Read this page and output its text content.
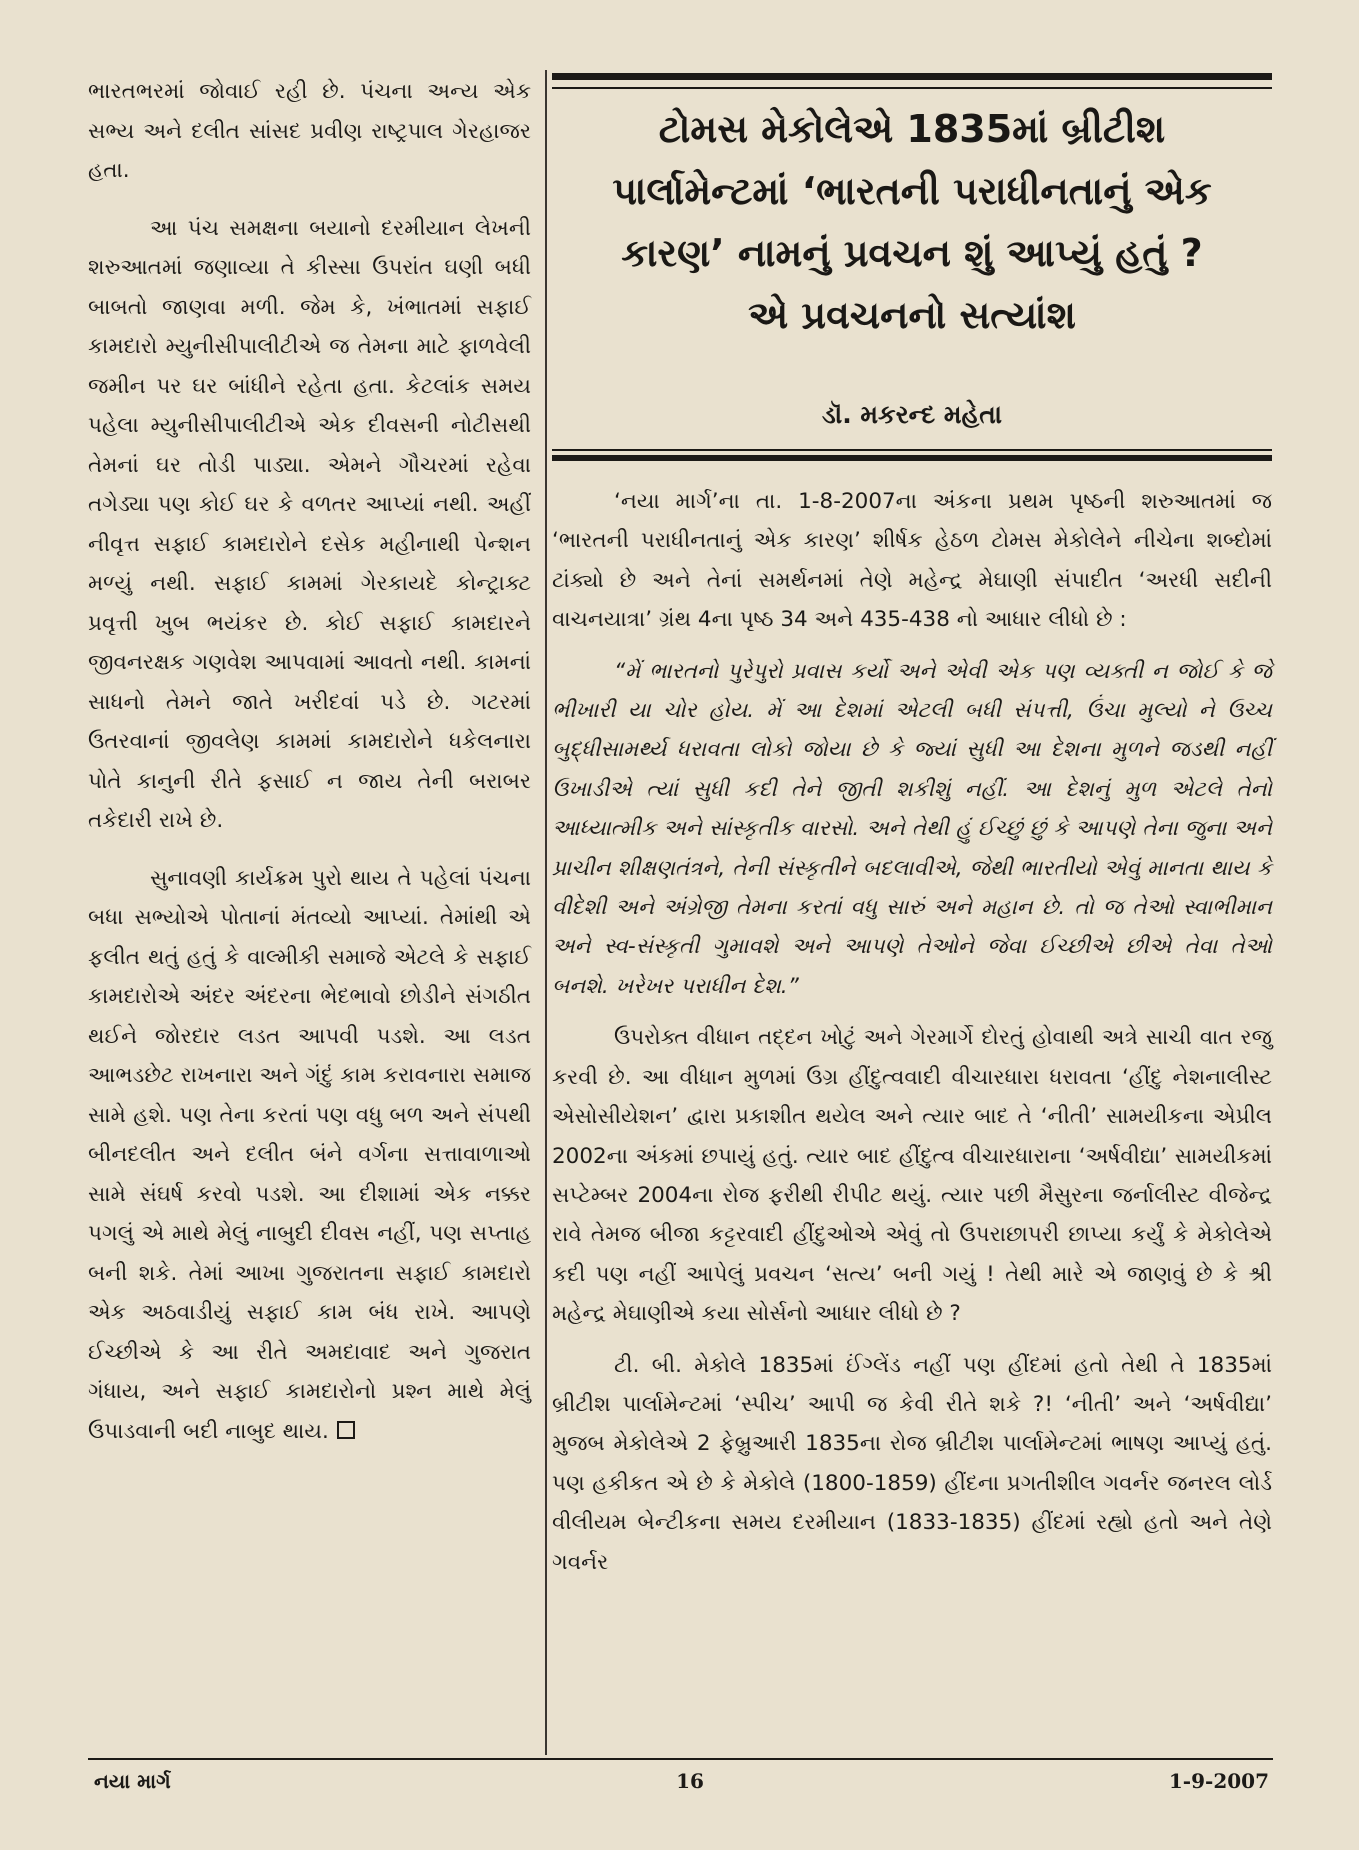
ભારતભરમાં જોવાઈ રહી છે. પંચના અન્ય એક સભ્ય અને દલીત સાંસદ પ્રવીણ રાષ્ટ્રપાલ ગેરહાજર હતા.

આ પંચ સમક્ષના બયાનો દરમીયાન લેખની શરુઆતમાં જણાવ્યા તે કીસ્સા ઉપરાંત ઘણી બધી બાબતો જાણવા મળી. જેમ કે, ખંભાતમાં સફાઈ કામદારો મ્યુનીસીપાલીટીએ જ તેમના માટે ફાળવેલી જમીન પર ઘર બાંધીને રહેતા હતા. કેટલાંક સમય પહેલા મ્યુનીસીપાલીટીએ એક દીવસની નોટીસથી તેમનાં ઘર તોડી પાડ્યા. એમને ગૌચરમાં રહેવા તગેડ્યા પણ કોઈ ઘર કે વળતર આપ્યાં નથી. અહીં નીવૃત્ત સફાઈ કામદારોને દસેક મહીનાથી પેન્શન મળ્યું નથી. સફાઈ કામમાં ગેરકાયદે કોન્ટ્રાક્ટ પ્રવૃત્તી ખુબ ભયંકર છે. કોઈ સફાઈ કામદારને જીવનરક્ષક ગણવેશ આપવામાં આવતો નથી. કામનાં સાધનો તેમને જાતે ખરીદવાં પડે છે. ગટરમાં ઉતરવાનાં જીવલેણ કામમાં કામદારોને ધકેલનારા પોતે કાનુની રીતે ફસાઈ ન જાય તેની બરાબર તકેદારી રાખે છે.

સુનાવણી કાર્યક્રમ પુરો થાય તે પહેલાં પંચના બધા સભ્યોએ પોતાનાં મંતવ્યો આપ્યાં. તેમાંથી એ ફલીત થતું હતું કે વાલ્મીકી સમાજે એટલે કે સફાઈ કામદારોએ અંદર અંદરના ભેદભાવો છોડીને સંગઠીત થઈને જોરદાર લડત આપવી પડશે. આ લડત આભડછેટ રાખનારા અને ગંદું કામ કરાવનારા સમાજ સામે હશે. પણ તેના કરતાં પણ વધુ બળ અને સંપથી બીનદલીત અને દલીત બંને વર્ગના સત્તાવાળાઓ સામે સંઘર્ષ કરવો પડશે. આ દીશામાં એક નક્કર પગલું એ માથે મેલું નાબુદી દીવસ નહીં, પણ સપ્તાહ બની શકે. તેમાં આખા ગુજરાતના સફાઈ કામદારો એક અઠવાડીયું સફાઈ કામ બંધ રાખે. આપણે ઈચ્છીએ કે આ રીતે અમદાવાદ અને ગુજરાત ગંધાય, અને સફાઈ કામદારોનો પ્રશ્ન માથે મેલું ઉપાડવાની બદી નાબુદ થાય.

ટોમસ મેકોલેએ 1835માં બ્રીટીશ
પાર્લામેન્ટમાં ‘ભારતની પરાધીનતાનું એક
કારણ’ નામનું પ્રવચન શું આપ્યું હતું ?
એ પ્રવચનનો સત્યાંશ
ડૉ. મકરન્દ મહેતા

‘નયા માર્ગ’ના તા. 1-8-2007ના અંકના પ્રથમ પૃષ્ઠની શરુઆતમાં જ ‘ભારતની પરાધીનતાનું એક કારણ’ શીર્ષક હેઠળ ટોમસ મેકોલેને નીચેના શબ્દોમાં ટાંક્યો છે અને તેનાં સમર્થનમાં તેણે મહેન્દ્ર મેઘાણી સંપાદીત ‘અરધી સદીની વાચનયાત્રા’ ગ્રંથ 4ના પૃષ્ઠ 34 અને 435-438 નો આધાર લીધો છે :

“મેં ભારતનો પુરેપુરો પ્રવાસ કર્યો અને એવી એક પણ વ્યક્તી ન જોઈ કે જે ભીખારી યા ચોર હોય. મેં આ દેશમાં એટલી બધી સંપત્તી, ઉંચા મુલ્યો ને ઉચ્ચ બુદ્ધીસામર્થ્ય ધરાવતા લોકો જોયા છે કે જ્યાં સુધી આ દેશના મુળને જડથી નહીં ઉખાડીએ ત્યાં સુધી કદી તેને જીતી શકીશું નહીં. આ દેશનું મુળ એટલે તેનો આધ્યાત્મીક અને સાંસ્કૃતીક વારસો. અને તેથી હું ઈચ્છું છું કે આપણે તેના જુના અને પ્રાચીન શીક્ષણતંત્રને, તેની સંસ્કૃતીને બદલાવીએ, જેથી ભારતીયો એવું માનતા થાય કે વીદેશી અને અંગ્રેજી તેમના કરતાં વધુ સારું અને મહાન છે. તો જ તેઓ સ્વાભીમાન અને સ્વ-સંસ્કૃતી ગુમાવશે અને આપણે તેઓને જેવા ઈચ્છીએ છીએ તેવા તેઓ બનશે. ખરેખર પરાધીન દેશ.”

ઉપરોક્ત વીધાન તદ્દન ખોટું અને ગેરમાર્ગે દોરતું હોવાથી અત્રે સાચી વાત રજુ કરવી છે. આ વીધાન મુળમાં ઉગ્ર હીંદુત્વવાદી વીચારધારા ધરાવતા ‘હીંદુ નેશનાલીસ્ટ એસોસીયેશન’ દ્વારા પ્રકાશીત થયેલ અને ત્યાર બાદ તે ‘નીતી’ સામયીકના એપ્રીલ 2002ના અંકમાં છપાયું હતું. ત્યાર બાદ હીંદુત્વ વીચારધારાના ‘અર્ષવીદ્યા’ સામયીકમાં સપ્ટેમ્બર 2004ના રોજ ફરીથી રીપીટ થયું. ત્યાર પછી મૈસુરના જર્નાલીસ્ટ વીજેન્દ્ર રાવે તેમજ બીજા કટ્ટરવાદી હીંદુઓએ એવું તો ઉપરાછાપરી છાપ્યા કર્યું કે મેકોલેએ કદી પણ નહીં આપેલું પ્રવચન ‘સત્ય’ બની ગયું ! તેથી મારે એ જાણવું છે કે શ્રી મહેન્દ્ર મેઘાણીએ કયા સોર્સનો આધાર લીધો છે ?

ટી. બી. મેકોલે 1835માં ઈંગ્લેંડ નહીં પણ હીંદમાં હતો તેથી તે 1835માં બ્રીટીશ પાર્લામેન્ટમાં ‘સ્પીચ’ આપી જ કેવી રીતે શકે ?! ‘નીતી’ અને ‘અર્ષવીદ્યા’ મુજબ મેકોલેએ 2 ફેબ્રુઆરી 1835ના રોજ બ્રીટીશ પાર્લામેન્ટમાં ભાષણ આપ્યું હતું. પણ હકીકત એ છે કે મેકોલે (1800-1859) હીંદના પ્રગતીશીલ ગવર્નર જનરલ લોર્ડ વીલીયમ બેન્ટીકના સમય દરમીયાન (1833-1835) હીંદમાં રહ્યો હતો અને તેણે ગવર્નર

નયા માર્ગ	16	1-9-2007
